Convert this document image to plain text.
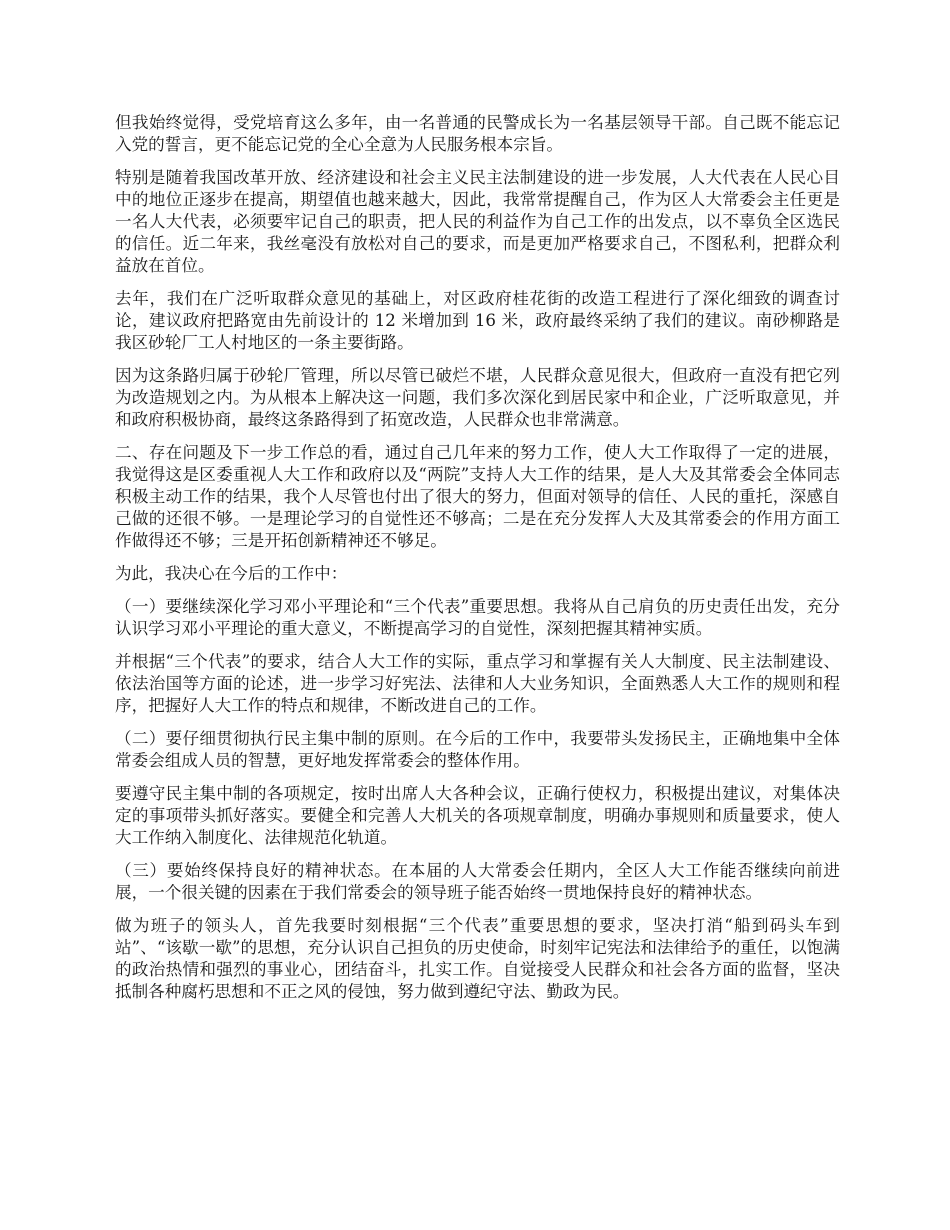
但我始终觉得，受党培育这么多年，由一名普通的民警成长为一名基层领导干部。自己既不能忘记入党的誓言，更不能忘记党的全心全意为人民服务根本宗旨。

特别是随着我国改革开放、经济建设和社会主义民主法制建设的进一步发展，人大代表在人民心目中的地位正逐步在提高，期望值也越来越大，因此，我常常提醒自己，作为区人大常委会主任更是一名人大代表，必须要牢记自己的职责，把人民的利益作为自己工作的出发点，以不辜负全区选民的信任。近二年来，我丝毫没有放松对自己的要求，而是更加严格要求自己，不图私利，把群众利益放在首位。

去年，我们在广泛听取群众意见的基础上，对区政府桂花街的改造工程进行了深化细致的调查讨论，建议政府把路宽由先前设计的 12 米增加到 16 米，政府最终采纳了我们的建议。南砂柳路是我区砂轮厂工人村地区的一条主要街路。

因为这条路归属于砂轮厂管理，所以尽管已破烂不堪，人民群众意见很大，但政府一直没有把它列为改造规划之内。为从根本上解决这一问题，我们多次深化到居民家中和企业，广泛听取意见，并和政府积极协商，最终这条路得到了拓宽改造，人民群众也非常满意。

二、存在问题及下一步工作总的看，通过自己几年来的努力工作，使人大工作取得了一定的进展，我觉得这是区委重视人大工作和政府以及“两院”支持人大工作的结果，是人大及其常委会全体同志积极主动工作的结果，我个人尽管也付出了很大的努力，但面对领导的信任、人民的重托，深感自己做的还很不够。一是理论学习的自觉性还不够高；二是在充分发挥人大及其常委会的作用方面工作做得还不够；三是开拓创新精神还不够足。

为此，我决心在今后的工作中：

（一）要继续深化学习邓小平理论和“三个代表”重要思想。我将从自己肩负的历史责任出发，充分认识学习邓小平理论的重大意义，不断提高学习的自觉性，深刻把握其精神实质。

并根据“三个代表”的要求，结合人大工作的实际，重点学习和掌握有关人大制度、民主法制建设、依法治国等方面的论述，进一步学习好宪法、法律和人大业务知识，全面熟悉人大工作的规则和程序，把握好人大工作的特点和规律，不断改进自己的工作。

（二）要仔细贯彻执行民主集中制的原则。在今后的工作中，我要带头发扬民主，正确地集中全体常委会组成人员的智慧，更好地发挥常委会的整体作用。

要遵守民主集中制的各项规定，按时出席人大各种会议，正确行使权力，积极提出建议，对集体决定的事项带头抓好落实。要健全和完善人大机关的各项规章制度，明确办事规则和质量要求，使人大工作纳入制度化、法律规范化轨道。

（三）要始终保持良好的精神状态。在本届的人大常委会任期内，全区人大工作能否继续向前进展，一个很关键的因素在于我们常委会的领导班子能否始终一贯地保持良好的精神状态。

做为班子的领头人，首先我要时刻根据“三个代表”重要思想的要求，坚决打消“船到码头车到站”、“该歇一歇”的思想，充分认识自己担负的历史使命，时刻牢记宪法和法律给予的重任，以饱满的政治热情和强烈的事业心，团结奋斗，扎实工作。自觉接受人民群众和社会各方面的监督，坚决抵制各种腐朽思想和不正之风的侵蚀，努力做到遵纪守法、勤政为民。
